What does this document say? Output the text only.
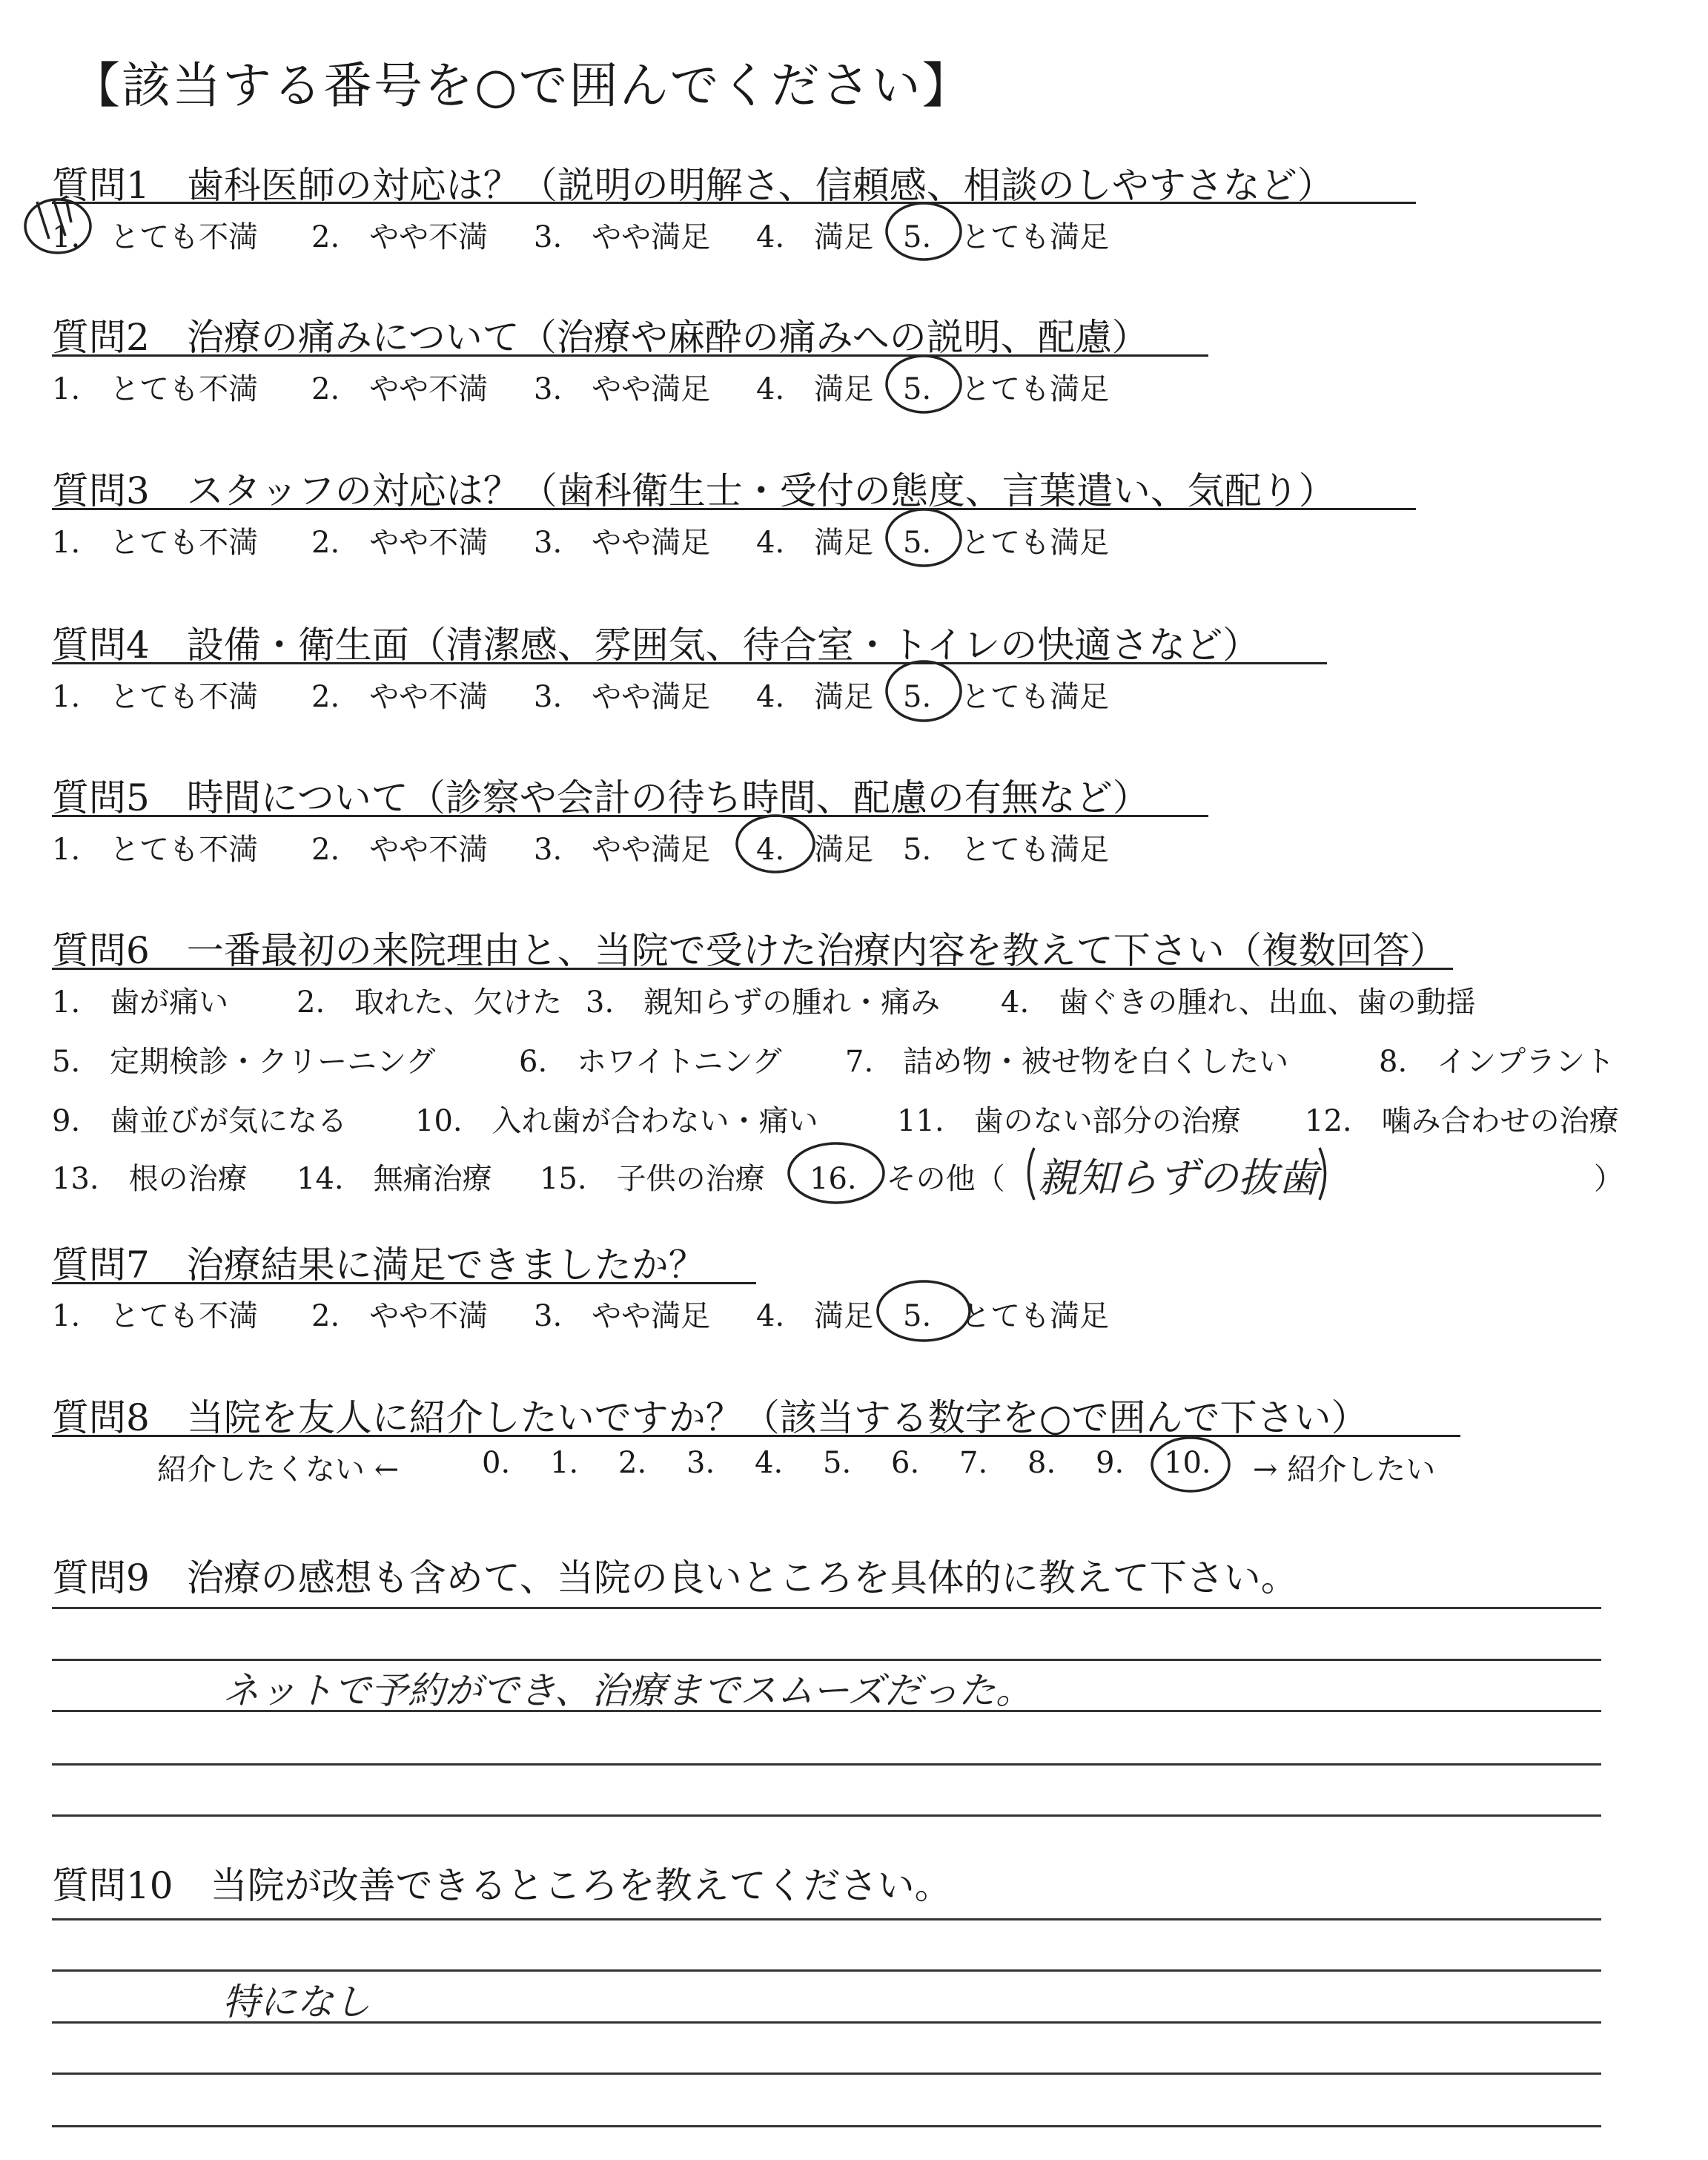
【該当する番号を○で囲んでください】
質問1　歯科医師の対応は？（説明の明解さ、信頼感、相談のしやすさなど）
1.　とても不満 2.　やや不満 3.　やや満足 4.　満足 5.　とても満足
質問2　治療の痛みについて（治療や麻酔の痛みへの説明、配慮）
1.　とても不満 2.　やや不満 3.　やや満足 4.　満足 5.　とても満足
質問3　スタッフの対応は？（歯科衛生士・受付の態度、言葉遣い、気配り）
1.　とても不満 2.　やや不満 3.　やや満足 4.　満足 5.　とても満足
質問4　設備・衛生面（清潔感、雰囲気、待合室・トイレの快適さなど）
1.　とても不満 2.　やや不満 3.　やや満足 4.　満足 5.　とても満足
質問5　時間について（診察や会計の待ち時間、配慮の有無など）
1.　とても不満 2.　やや不満 3.　やや満足 4.　満足 5.　とても満足
質問6　一番最初の来院理由と、当院で受けた治療内容を教えて下さい（複数回答）
1.　歯が痛い 2.　取れた、欠けた 3.　親知らずの腫れ・痛み 4.　歯ぐきの腫れ、出血、歯の動揺
5.　定期検診・クリーニング	6.　ホワイトニング 7.　詰め物・被せ物を白くしたい	8.　インプラント
9.　歯並びが気になる 10.　入れ歯が合わない・痛い	11.　歯のない部分の治療 12.　噛み合わせの治療
13.　根の治療 14.　無痛治療 15.　子供の治療 16.　その他（ 親知らずの抜歯	）
質問7　治療結果に満足できましたか？
1.　とても不満 2.　やや不満 3.　やや満足 4.　満足 5.　とても満足
質問8　当院を友人に紹介したいですか？（該当する数字を○で囲んで下さい）
紹介したくない ←	0. 1. 2. 3. 4. 5. 6. 7. 8. 9. 10. → 紹介したい
質問9　治療の感想も含めて、当院の良いところを具体的に教えて下さい。
ネットで予約ができ、治療までスムーズだった。
質問10　当院が改善できるところを教えてください。
特になし
